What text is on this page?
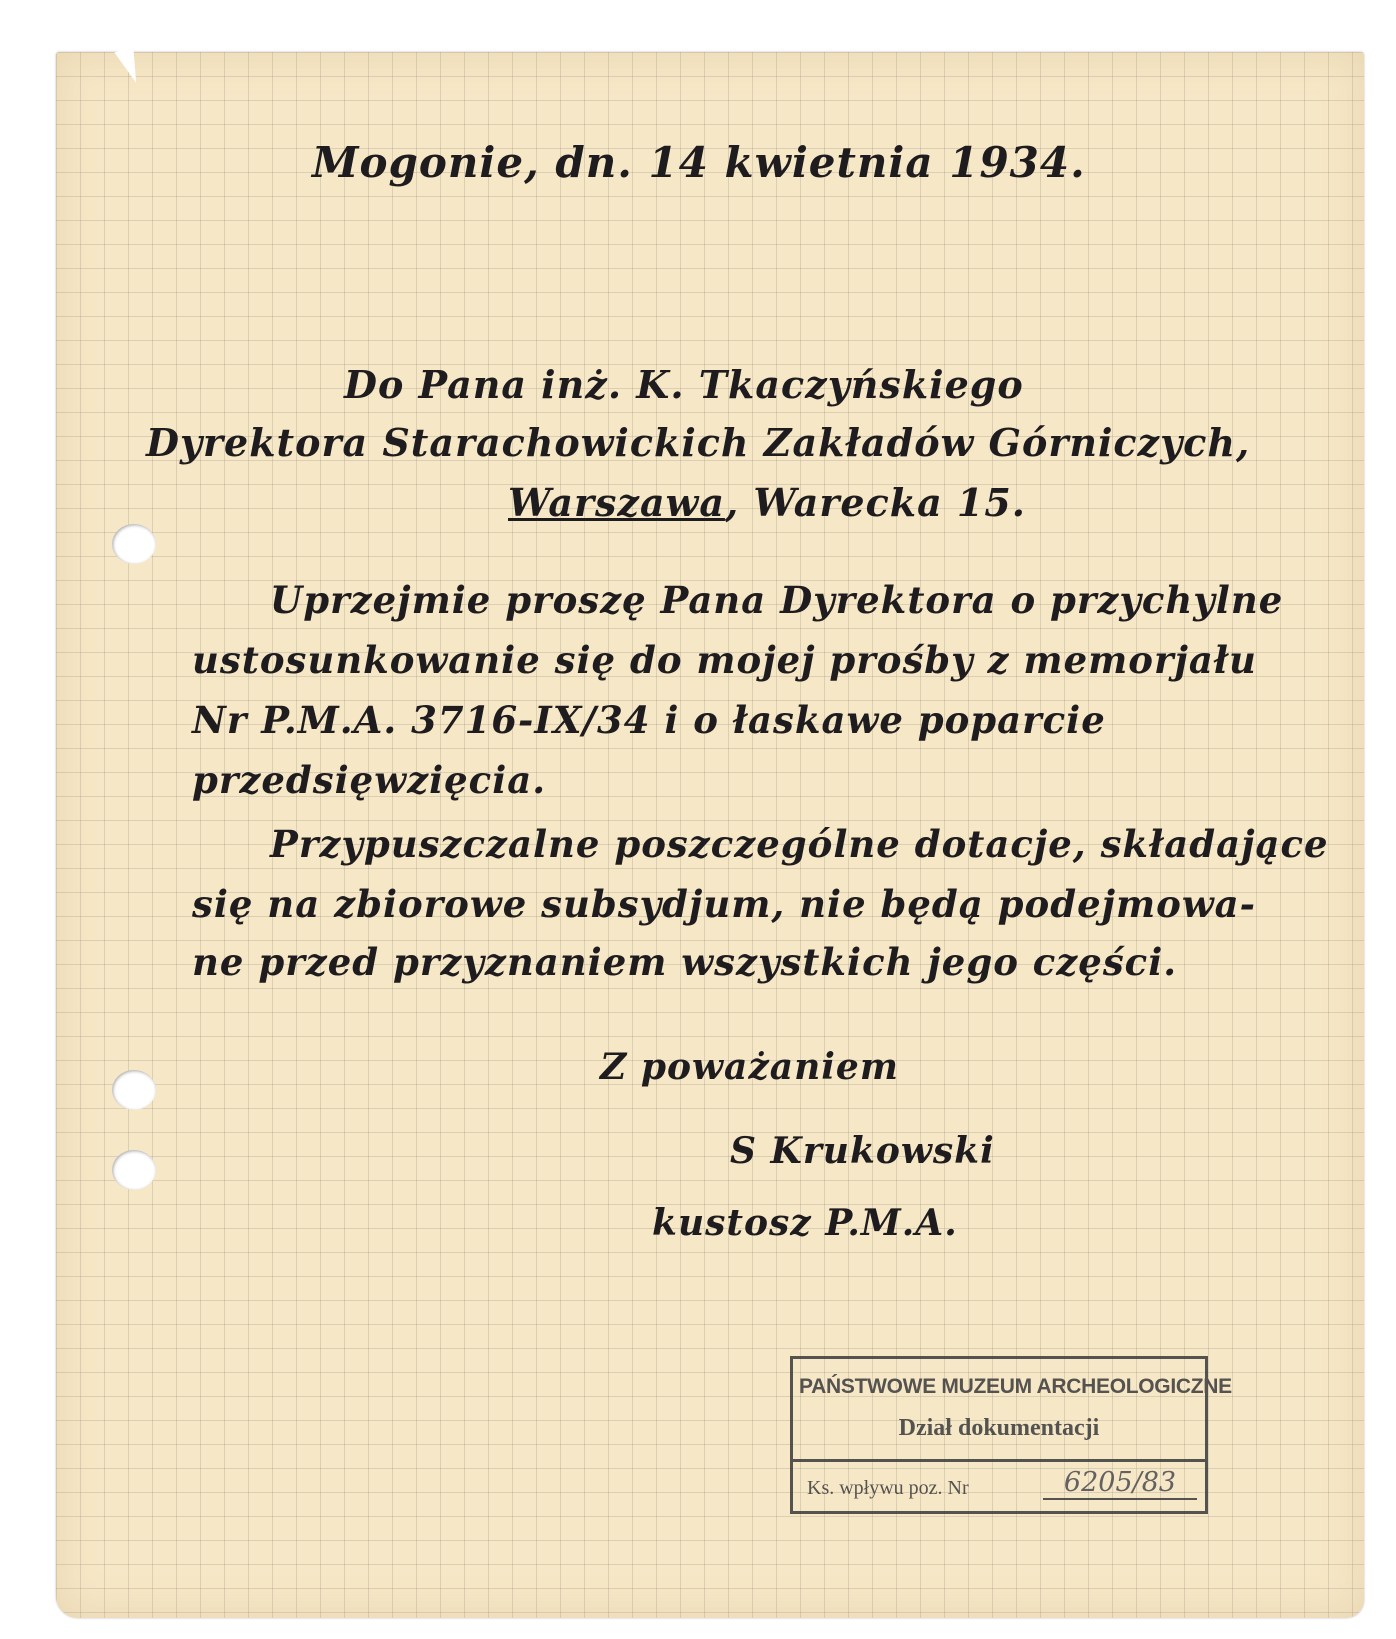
Mogonie, dn. 14 kwietnia 1934.
Do Pana inż. K. Tkaczyńskiego
Dyrektora Starachowickich Zakładów Górniczych,
Warszawa, Wareckа 15.
Uprzejmie proszę Pana Dyrektora o przychylne
ustosunkowanie się do mojej prośby z memorjału
Nr P.M.A. 3716-IX/34 i o łaskawe poparcie
przedsięwzięcia.
Przypuszczalne poszczególne dotacje, składające
się na zbiorowe subsydjum, nie będą podejmowa-
ne przed przyznaniem wszystkich jego części.
Z poważaniem
S Krukowski
kustosz P.M.A.
PAŃSTWOWE MUZEUM ARCHEOLOGICZNE
Dział dokumentacji
Ks. wpływu poz. Nr	6205/83
